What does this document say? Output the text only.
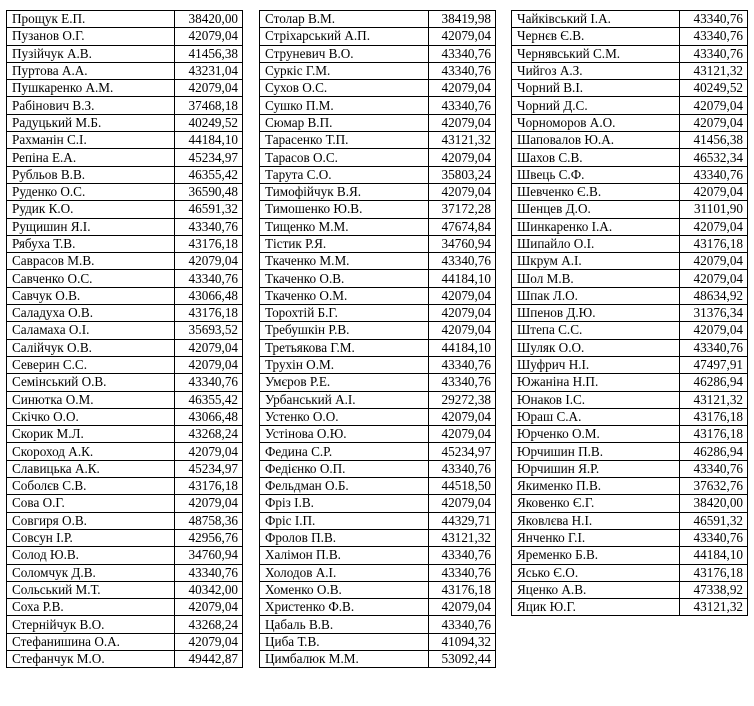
Прощук Е.П.	38420,00
Пузанов О.Г.	42079,04
Пузійчук А.В.	41456,38
Пуртова А.А.	43231,04
Пушкаренко А.М.	42079,04
Рабінович В.З.	37468,18
Радуцький М.Б.	40249,52
Рахманін С.І.	44184,10
Репіна Е.А.	45234,97
Рубльов В.В.	46355,42
Руденко О.С.	36590,48
Рудик К.О.	46591,32
Рущишин Я.І.	43340,76
Рябуха Т.В.	43176,18
Саврасов М.В.	42079,04
Савченко О.С.	43340,76
Савчук О.В.	43066,48
Саладуха О.В.	43176,18
Саламаха О.І.	35693,52
Салійчук О.В.	42079,04
Северин С.С.	42079,04
Семінський О.В.	43340,76
Синютка О.М.	46355,42
Скічко О.О.	43066,48
Скорик М.Л.	43268,24
Скороход А.К.	42079,04
Славицька А.К.	45234,97
Соболєв С.В.	43176,18
Сова О.Г.	42079,04
Совгиря О.В.	48758,36
Совсун І.Р.	42956,76
Солод Ю.В.	34760,94
Соломчук Д.В.	43340,76
Сольський М.Т.	40342,00
Соха Р.В.	42079,04
Стернійчук В.О.	43268,24
Стефанишина О.А.	42079,04
Стефанчук М.О.	49442,87
Столар В.М.	38419,98
Стріхарський А.П.	42079,04
Струневич В.О.	43340,76
Суркіс Г.М.	43340,76
Сухов О.С.	42079,04
Сушко П.М.	43340,76
Сюмар В.П.	42079,04
Тарасенко Т.П.	43121,32
Тарасов О.С.	42079,04
Тарута С.О.	35803,24
Тимофійчук В.Я.	42079,04
Тимошенко Ю.В.	37172,28
Тищенко М.М.	47674,84
Тістик Р.Я.	34760,94
Ткаченко М.М.	43340,76
Ткаченко О.В.	44184,10
Ткаченко О.М.	42079,04
Торохтій Б.Г.	42079,04
Требушкін Р.В.	42079,04
Третьякова Г.М.	44184,10
Трухін О.М.	43340,76
Умєров Р.Е.	43340,76
Урбанський А.І.	29272,38
Устенко О.О.	42079,04
Устінова О.Ю.	42079,04
Федина С.Р.	45234,97
Федієнко О.П.	43340,76
Фельдман О.Б.	44518,50
Фріз І.В.	42079,04
Фріс І.П.	44329,71
Фролов П.В.	43121,32
Халімон П.В.	43340,76
Холодов А.І.	43340,76
Хоменко О.В.	43176,18
Христенко Ф.В.	42079,04
Цабаль В.В.	43340,76
Циба Т.В.	41094,32
Цимбалюк М.М.	53092,44
Чайківський І.А.	43340,76
Чернєв Є.В.	43340,76
Чернявський С.М.	43340,76
Чийгоз А.З.	43121,32
Чорний В.І.	40249,52
Чорний Д.С.	42079,04
Чорноморов А.О.	42079,04
Шаповалов Ю.А.	41456,38
Шахов С.В.	46532,34
Швець С.Ф.	43340,76
Шевченко Є.В.	42079,04
Шенцев Д.О.	31101,90
Шинкаренко І.А.	42079,04
Шипайло О.І.	43176,18
Шкрум А.І.	42079,04
Шол М.В.	42079,04
Шпак Л.О.	48634,92
Шпенов Д.Ю.	31376,34
Штепа С.С.	42079,04
Шуляк О.О.	43340,76
Шуфрич Н.І.	47497,91
Южаніна Н.П.	46286,94
Юнаков І.С.	43121,32
Юраш С.А.	43176,18
Юрченко О.М.	43176,18
Юрчишин П.В.	46286,94
Юрчишин Я.Р.	43340,76
Якименко П.В.	37632,76
Яковенко Є.Г.	38420,00
Яковлєва Н.І.	46591,32
Янченко Г.І.	43340,76
Яременко Б.В.	44184,10
Ясько Є.О.	43176,18
Яценко А.В.	47338,92
Яцик Ю.Г.	43121,32
